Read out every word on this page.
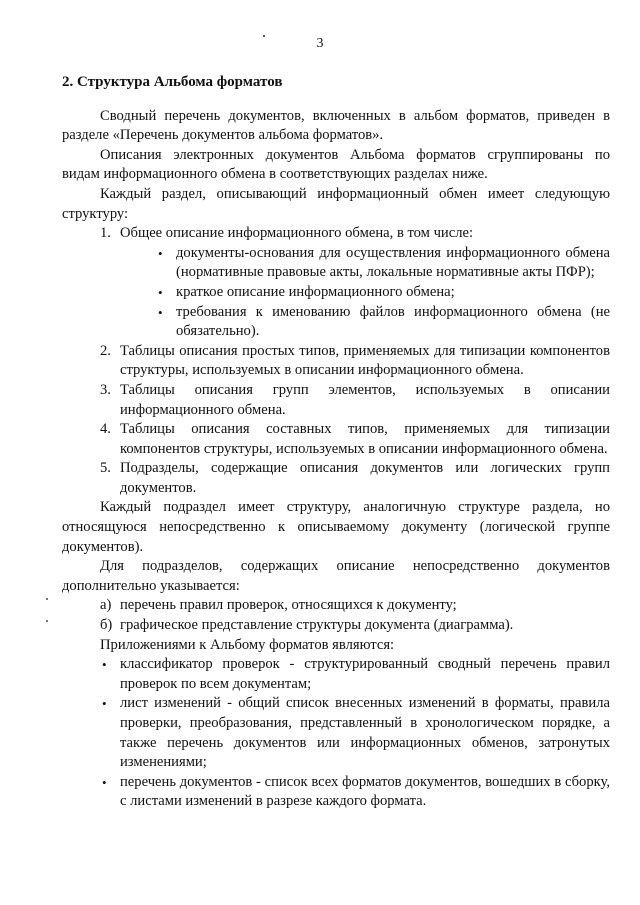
3
2. Структура Альбома форматов

Сводный перечень документов, включенных в альбом форматов, приведен в

разделе «Перечень документов альбома форматов».

Описания электронных документов Альбома форматов сгруппированы по

видам информационного обмена в соответствующих разделах ниже.

Каждый раздел, описывающий информационный обмен имеет следующую

структуру:

1. Общее описание информационного обмена, в том числе:
• документы-основания для осуществления информационного обмена (нормативные правовые акты, локальные нормативные акты ПФР);
• краткое описание информационного обмена;
• требования к именованию файлов информационного обмена (не обязательно).
2. Таблицы описания простых типов, применяемых для типизации компонентов структуры, используемых в описании информационного обмена.
3. Таблицы описания групп элементов, используемых в описании информационного обмена.
4. Таблицы описания составных типов, применяемых для типизации компонентов структуры, используемых в описании информационного обмена.
5. Подразделы, содержащие описания документов или логических групп документов.

Каждый подраздел имеет структуру, аналогичную структуре раздела, но относящуюся непосредственно к описываемому документу (логической группе документов).

Для подразделов, содержащих описание непосредственно документов

дополнительно указывается:

а) перечень правил проверок, относящихся к документу;
б) графическое представление структуры документа (диаграмма).

Приложениями к Альбому форматов являются:

• классификатор проверок - структурированный сводный перечень правил проверок по всем документам;
• лист изменений - общий список внесенных изменений в форматы, правила проверки, преобразования, представленный в хронологическом порядке, а также перечень документов или информационных обменов, затронутых изменениями;
• перечень документов - список всех форматов документов, вошедших в сборку, с листами изменений в разрезе каждого формата.
